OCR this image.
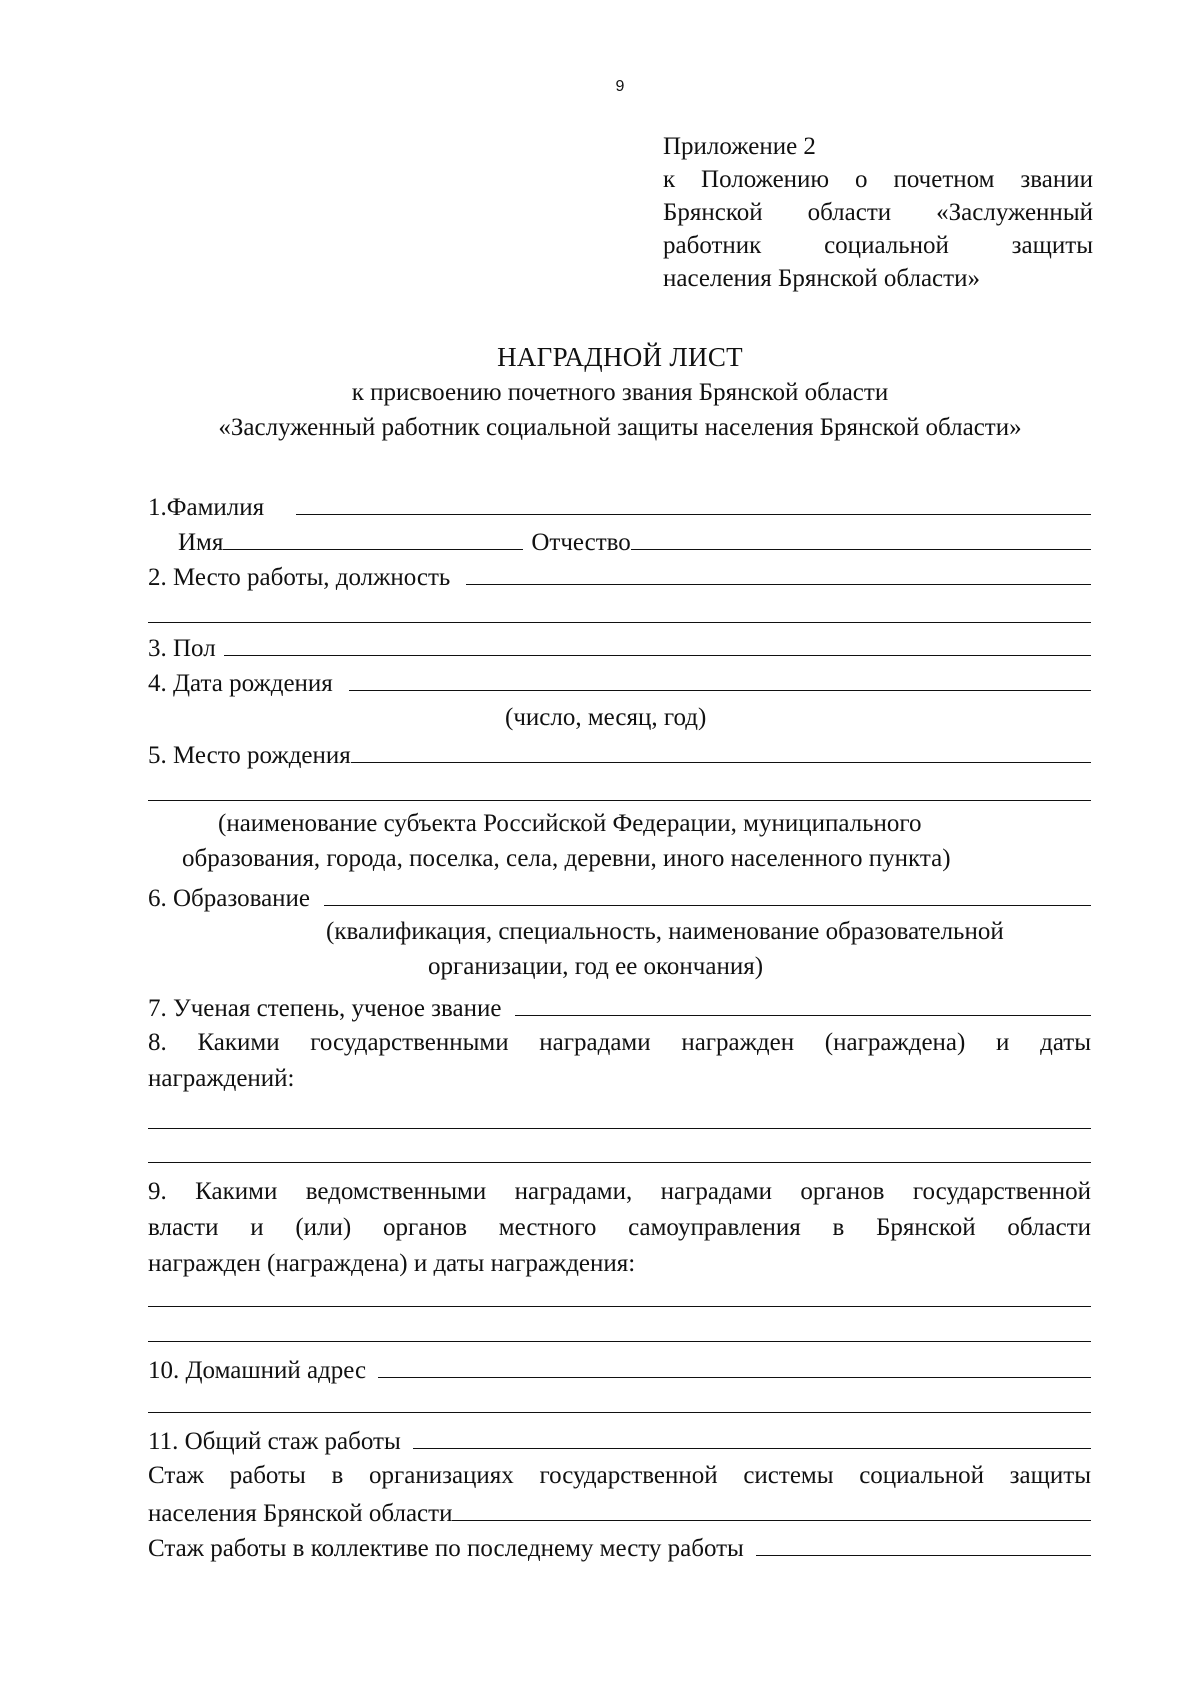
9
Приложение 2
к Положению о почетном звании
Брянской области «Заслуженный
работник социальной защиты
населения Брянской области»
НАГРАДНОЙ ЛИСТ
к присвоению почетного звания Брянской области
«Заслуженный работник социальной защиты населения Брянской области»
1.Фамилия
Имя	Отчество
2. Место работы, должность
3. Пол
4. Дата рождения
(число, месяц, год)
5. Место рождения
(наименование субъекта Российской Федерации, муниципального
образования, города, поселка, села, деревни, иного населенного пункта)
6. Образование
(квалификация, специальность, наименование образовательной
организации, год ее окончания)
7. Ученая степень, ученое звание
8. Какими государственными наградами награжден (награждена) и даты
награждений:
9. Какими ведомственными наградами, наградами органов государственной
власти и (или) органов местного самоуправления в Брянской области
награжден (награждена) и даты награждения:
10. Домашний адрес
11. Общий стаж работы
Стаж работы в организациях государственной системы социальной защиты
населения Брянской области
Стаж работы в коллективе по последнему месту работы
